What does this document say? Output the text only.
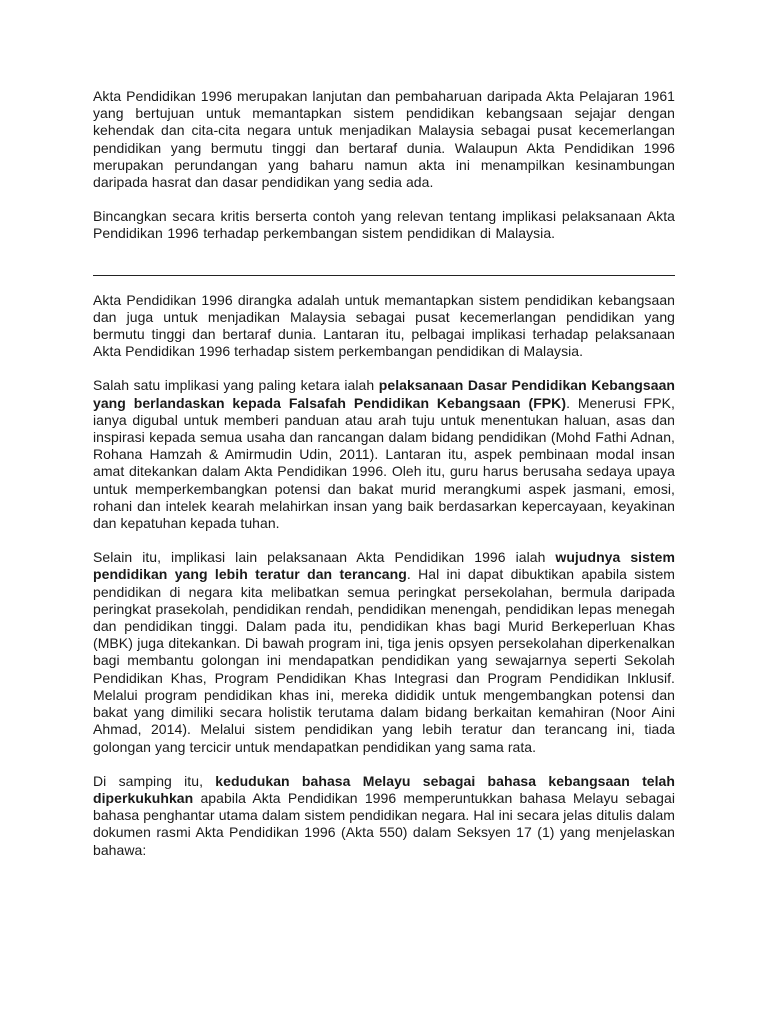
Akta Pendidikan 1996 merupakan lanjutan dan pembaharuan daripada Akta Pelajaran 1961 yang bertujuan untuk memantapkan sistem pendidikan kebangsaan sejajar dengan kehendak dan cita-cita negara untuk menjadikan Malaysia sebagai pusat kecemerlangan pendidikan yang bermutu tinggi dan bertaraf dunia. Walaupun Akta Pendidikan 1996 merupakan perundangan yang baharu namun akta ini menampilkan kesinambungan daripada hasrat dan dasar pendidikan yang sedia ada.

Bincangkan secara kritis berserta contoh yang relevan tentang implikasi pelaksanaan Akta Pendidikan 1996 terhadap perkembangan sistem pendidikan di Malaysia.

Akta Pendidikan 1996 dirangka adalah untuk memantapkan sistem pendidikan kebangsaan dan juga untuk menjadikan Malaysia sebagai pusat kecemerlangan pendidikan yang bermutu tinggi dan bertaraf dunia. Lantaran itu, pelbagai implikasi terhadap pelaksanaan Akta Pendidikan 1996 terhadap sistem perkembangan pendidikan di Malaysia.

Salah satu implikasi yang paling ketara ialah pelaksanaan Dasar Pendidikan Kebangsaan yang berlandaskan kepada Falsafah Pendidikan Kebangsaan (FPK). Menerusi FPK, ianya digubal untuk memberi panduan atau arah tuju untuk menentukan haluan, asas dan inspirasi kepada semua usaha dan rancangan dalam bidang pendidikan (Mohd Fathi Adnan, Rohana Hamzah & Amirmudin Udin, 2011). Lantaran itu, aspek pembinaan modal insan amat ditekankan dalam Akta Pendidikan 1996. Oleh itu, guru harus berusaha sedaya upaya untuk memperkembangkan potensi dan bakat murid merangkumi aspek jasmani, emosi, rohani dan intelek kearah melahirkan insan yang baik berdasarkan kepercayaan, keyakinan dan kepatuhan kepada tuhan.

Selain itu, implikasi lain pelaksanaan Akta Pendidikan 1996 ialah wujudnya sistem pendidikan yang lebih teratur dan terancang. Hal ini dapat dibuktikan apabila sistem pendidikan di negara kita melibatkan semua peringkat persekolahan, bermula daripada peringkat prasekolah, pendidikan rendah, pendidikan menengah, pendidikan lepas menegah dan pendidikan tinggi. Dalam pada itu, pendidikan khas bagi Murid Berkeperluan Khas (MBK) juga ditekankan. Di bawah program ini, tiga jenis opsyen persekolahan diperkenalkan bagi membantu golongan ini mendapatkan pendidikan yang sewajarnya seperti Sekolah Pendidikan Khas, Program Pendidikan Khas Integrasi dan Program Pendidikan Inklusif. Melalui program pendidikan khas ini, mereka dididik untuk mengembangkan potensi dan bakat yang dimiliki secara holistik terutama dalam bidang berkaitan kemahiran (Noor Aini Ahmad, 2014). Melalui sistem pendidikan yang lebih teratur dan terancang ini, tiada golongan yang tercicir untuk mendapatkan pendidikan yang sama rata.

Di samping itu, kedudukan bahasa Melayu sebagai bahasa kebangsaan telah diperkukuhkan apabila Akta Pendidikan 1996 memperuntukkan bahasa Melayu sebagai bahasa penghantar utama dalam sistem pendidikan negara. Hal ini secara jelas ditulis dalam dokumen rasmi Akta Pendidikan 1996 (Akta 550) dalam Seksyen 17 (1) yang menjelaskan bahawa:
